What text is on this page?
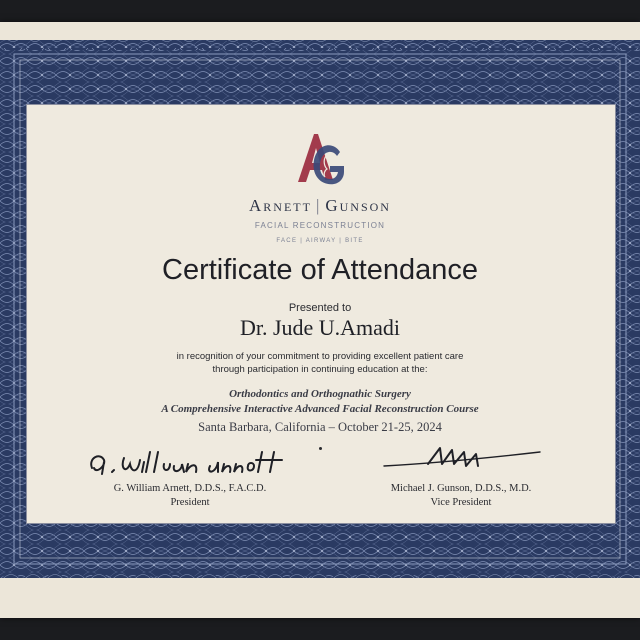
Arnett | Gunson
FACIAL RECONSTRUCTION
FACE | AIRWAY | BITE
Certificate of Attendance
Presented to
Dr. Jude U.Amadi
in recognition of your commitment to providing excellent patient care
through participation in continuing education at the:
Orthodontics and Orthognathic Surgery
A Comprehensive Interactive Advanced Facial Reconstruction Course
Santa Barbara, California – October 21-25, 2024
G. William Arnett, D.D.S., F.A.C.D.
President
Michael J. Gunson, D.D.S., M.D.
Vice President
